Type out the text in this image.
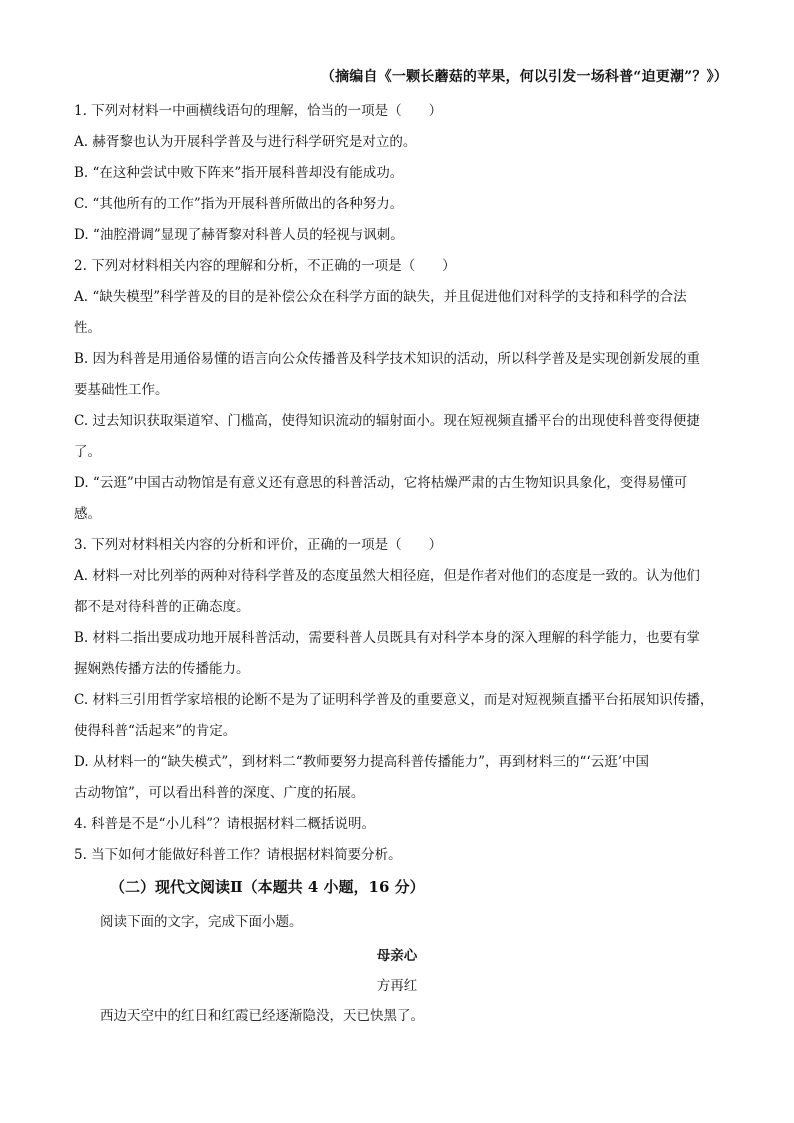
（摘编自《一颗长蘑菇的苹果，何以引发一场科普“迫更潮”？》）
1. 下列对材料一中画横线语句的理解，恰当的一项是（　　）
A. 赫胥黎也认为开展科学普及与进行科学研究是对立的。
B. “在这种尝试中败下阵来”指开展科普却没有能成功。
C. “其他所有的工作”指为开展科普所做出的各种努力。
D. “油腔滑调”显现了赫胥黎对科普人员的轻视与讽刺。
2. 下列对材料相关内容的理解和分析，不正确的一项是（　　）
A. “缺失模型”科学普及的目的是补偿公众在科学方面的缺失，并且促进他们对科学的支持和科学的合法
性。
B. 因为科普是用通俗易懂的语言向公众传播普及科学技术知识的活动，所以科学普及是实现创新发展的重
要基础性工作。
C. 过去知识获取渠道窄、门槛高，使得知识流动的辐射面小。现在短视频直播平台的出现使科普变得便捷
了。
D. “云逛”中国古动物馆是有意义还有意思的科普活动，它将枯燥严肃的古生物知识具象化，变得易懂可
感。
3. 下列对材料相关内容的分析和评价，正确的一项是（　　）
A. 材料一对比列举的两种对待科学普及的态度虽然大相径庭，但是作者对他们的态度是一致的。认为他们
都不是对待科普的正确态度。
B. 材料二指出要成功地开展科普活动，需要科普人员既具有对科学本身的深入理解的科学能力，也要有掌
握娴熟传播方法的传播能力。
C. 材料三引用哲学家培根的论断不是为了证明科学普及的重要意义，而是对短视频直播平台拓展知识传播，
使得科普“活起来”的肯定。
D. 从材料一的“缺失模式”，到材料二“教师要努力提高科普传播能力”，再到材料三的“‘云逛’中国
古动物馆”，可以看出科普的深度、广度的拓展。
4. 科普是不是“小儿科”？请根据材料二概括说明。
5. 当下如何才能做好科普工作？请根据材料简要分析。
（二）现代文阅读Ⅱ（本题共 4 小题，16 分）
阅读下面的文字，完成下面小题。
母亲心
方再红
西边天空中的红日和红霞已经逐渐隐没，天已快黑了。
